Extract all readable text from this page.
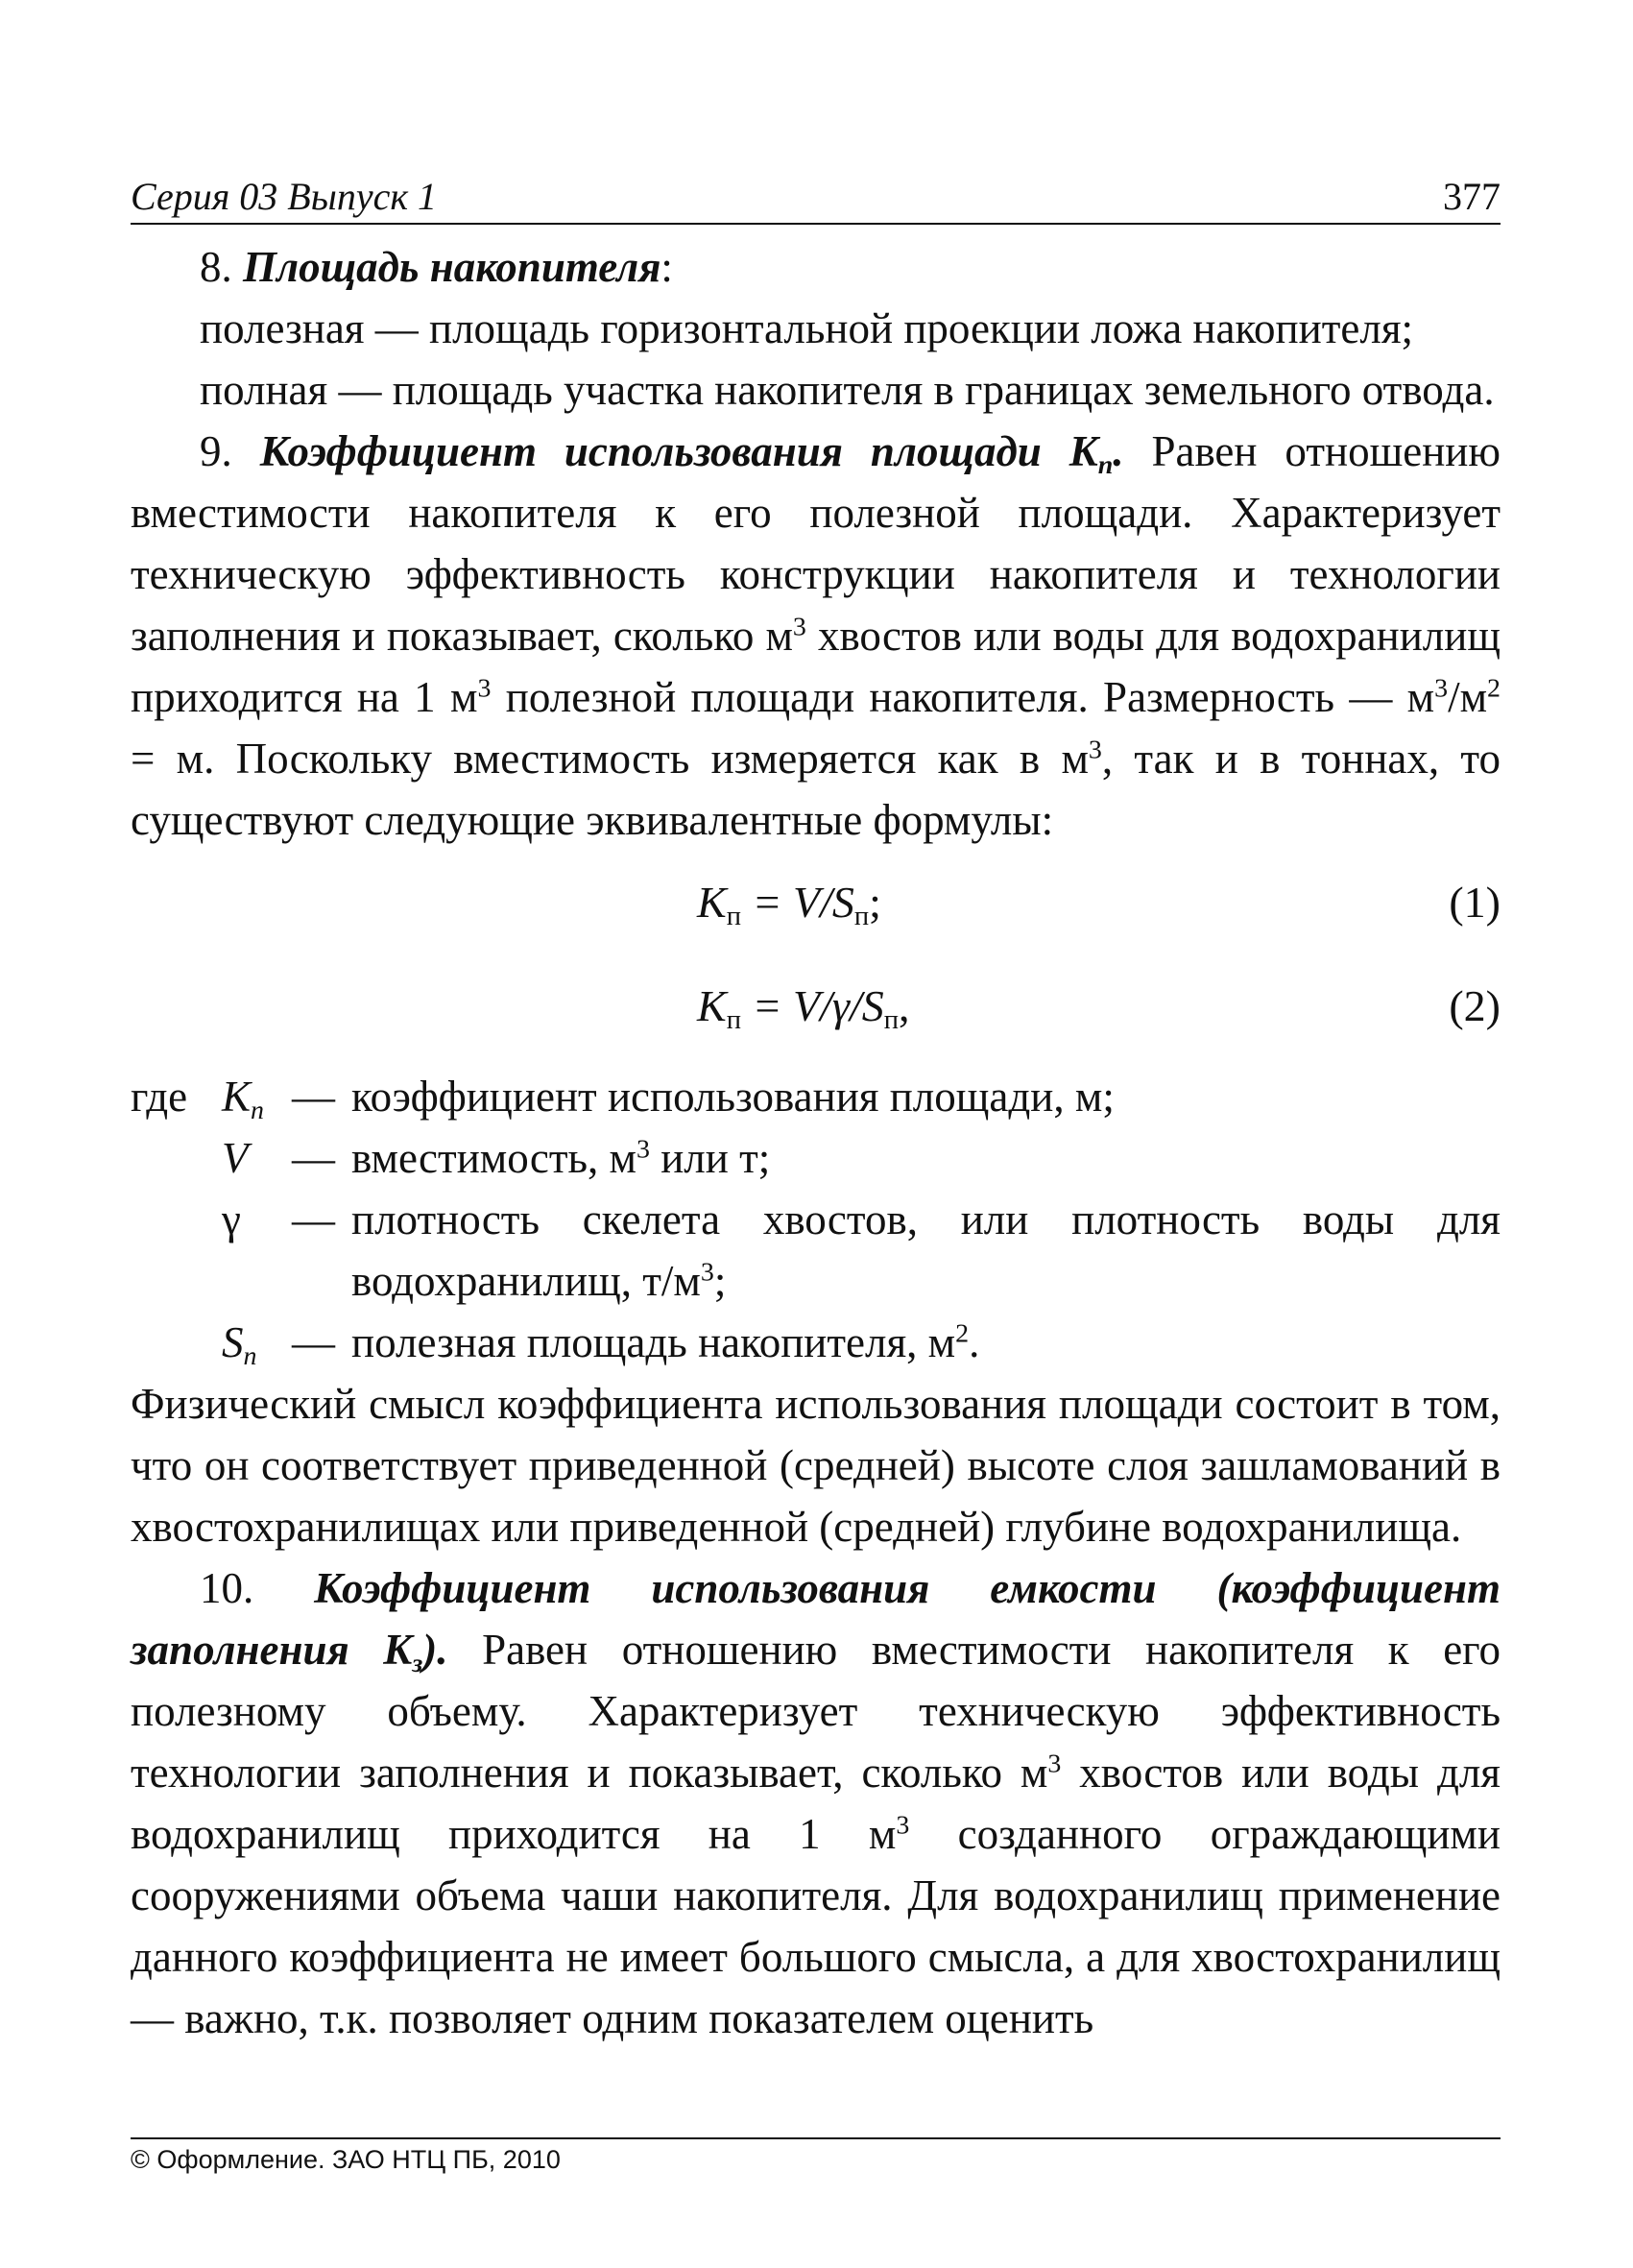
Серия 03 Выпуск 1	377

8. Площадь накопителя:

полезная — площадь горизонтальной проекции ложа накопителя;

полная — площадь участка накопителя в границах земельного отвода.

9. Коэффициент использования площади $K_п$. Равен отношению вместимости накопителя к его полезной площади. Характеризует техническую эффективность конструкции накопителя и технологии заполнения и показывает, сколько $м^3$ хвостов или воды для водохранилищ приходится на 1 $м^3$ полезной площади накопителя. Размерность — $м^3/м^2 = м$. Поскольку вместимость измеряется как в $м^3$, так и в тоннах, то существуют следующие эквивалентные формулы:

$K_п = V/S_п$;	(1)
$K_п = V/\gamma/S_п$,	(2)
где $K_п$ — коэффициент использования площади, м;
V	— вместимость, $м^3$ или т;
γ	— плотность скелета хвостов, или плотность воды для водохранилищ, $т/м^3$;
$S_п$ — полезная площадь накопителя, $м^2$.

Физический смысл коэффициента использования площади состоит в том, что он соответствует приведенной (средней) высоте слоя зашламований в хвостохранилищах или приведенной (средней) глубине водохранилища.

10. Коэффициент использования емкости (коэффициент заполнения $K_з$). Равен отношению вместимости накопителя к его полезному объему. Характеризует техническую эффективность технологии заполнения и показывает, сколько $м^3$ хвостов или воды для водохранилищ приходится на 1 $м^3$ созданного ограждающими сооружениями объема чаши накопителя. Для водохранилищ применение данного коэффициента не имеет большого смысла, а для хвостохранилищ — важно, т.к. позволяет одним показателем оценить

© Оформление. ЗАО НТЦ ПБ, 2010
